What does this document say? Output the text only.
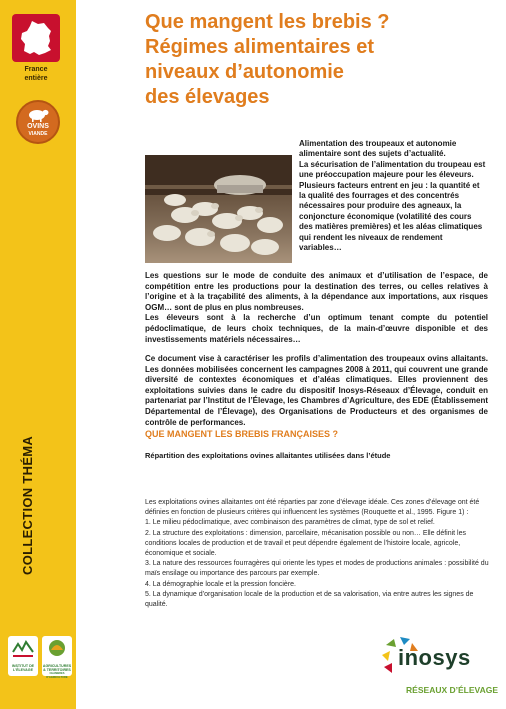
France
entière
OVINS
VIANDE
COLLECTION THÉMA
INSTITUT DE
L'ÉLEVAGE
AGRICULTURES
& TERRITOIRES
CHAMBRES D'AGRICULTURE
Que mangent les brebis ?
Régimes alimentaires et
niveaux d’autonomie
des élevages

Alimentation des troupeaux et autonomie alimentaire sont des sujets d’actualité.

La sécurisation de l’alimentation du troupeau est une préoccupation majeure pour les éleveurs. Plusieurs facteurs entrent en jeu : la quantité et la qualité des fourrages et des concentrés nécessaires pour produire des agneaux, la conjoncture économique (volatilité des cours des matières premières) et les aléas climatiques qui rendent les niveaux de rendement variables…

Les questions sur le mode de conduite des animaux et d’utilisation de l’espace, de compétition entre les productions pour la destination des terres, ou celles relatives à l’origine et à la traçabilité des aliments, à la dépendance aux importations, aux risques OGM… sont de plus en plus nombreuses.

Les éleveurs sont à la recherche d’un optimum tenant compte du potentiel pédoclimatique, de leurs choix techniques, de la main-d’œuvre disponible et des investissements matériels nécessaires…

Ce document vise à caractériser les profils d’alimentation des troupeaux ovins allaitants. Les données mobilisées concernent les campagnes 2008 à 2011, qui couvrent une grande diversité de contextes économiques et d’aléas climatiques. Elles proviennent des exploitations suivies dans le cadre du dispositif Inosys-Réseaux d’Élevage, conduit en partenariat par l’Institut de l’Élevage, les Chambres d’Agriculture, des EDE (Établissement Départemental de l’Élevage), des Organisations de Producteurs et des organismes de contrôle de performances.

QUE MANGENT LES BREBIS FRANÇAISES ?
Répartition des exploitations ovines allaitantes utilisées dans l’étude

Les exploitations ovines allaitantes ont été réparties par zone d’élevage idéale. Ces zones d’élevage ont été définies en fonction de plusieurs critères qui influencent les systèmes (Rouquette et al., 1995. Figure 1) :

1. Le milieu pédoclimatique, avec combinaison des paramètres de climat, type de sol et relief.

2. La structure des exploitations : dimension, parcellaire, mécanisation possible ou non… Elle définit les conditions locales de production et de travail et peut dépendre également de l’histoire locale, agricole, économique et sociale.

3. La nature des ressources fourragères qui oriente les types et modes de productions animales : possibilité du maïs ensilage ou importance des parcours par exemple.

4. La démographie locale et la pression foncière.

5. La dynamique d’organisation locale de la production et de sa valorisation, via entre autres les signes de qualité.

inosys
RÉSEAUX D’ÉLEVAGE
